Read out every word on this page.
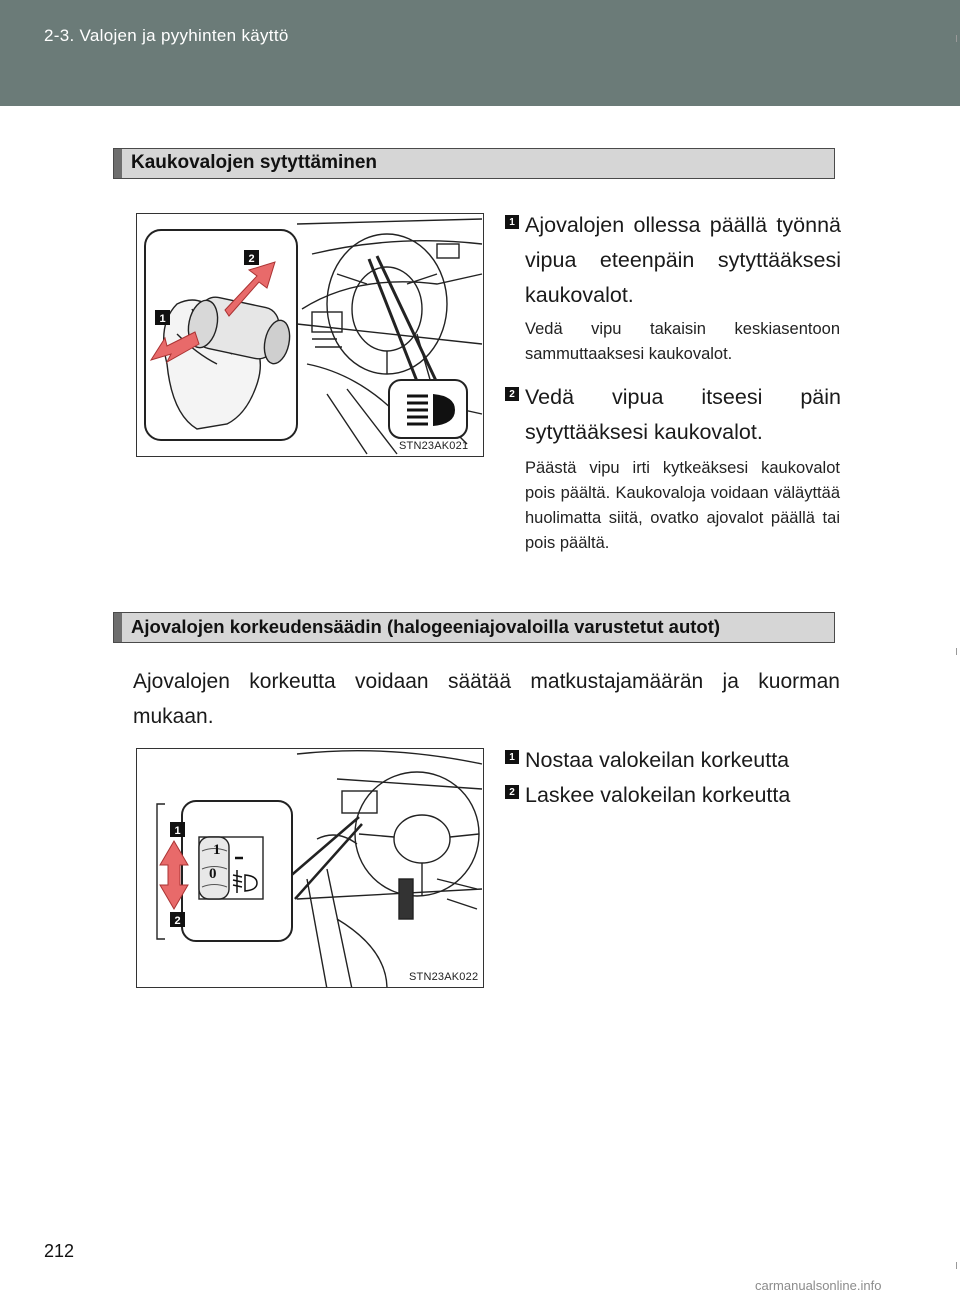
2-3. Valojen ja pyyhinten käyttö
Kaukovalojen sytyttäminen
2
1
STN23AK021
1 Ajovalojen ollessa päällä työnnä vipua eteenpäin sytyttääksesi kaukovalot.
Vedä vipu takaisin keskiasentoon sammuttaaksesi kaukovalot.
2 Vedä vipua itseesi päin sytyttääksesi kaukovalot.
Päästä vipu irti kytkeäksesi kaukovalot pois päältä. Kaukovaloja voidaan väläyttää huolimatta siitä, ovatko ajovalot päällä tai pois päältä.
Ajovalojen korkeudensäädin (halogeeniajovaloilla varustetut autot)
Ajovalojen korkeutta voidaan säätää matkustajamäärän ja kuorman mukaan.
1
0
1
2
STN23AK022
1 Nostaa valokeilan korkeutta
2 Laskee valokeilan korkeutta
212
carmanualsonline.info
